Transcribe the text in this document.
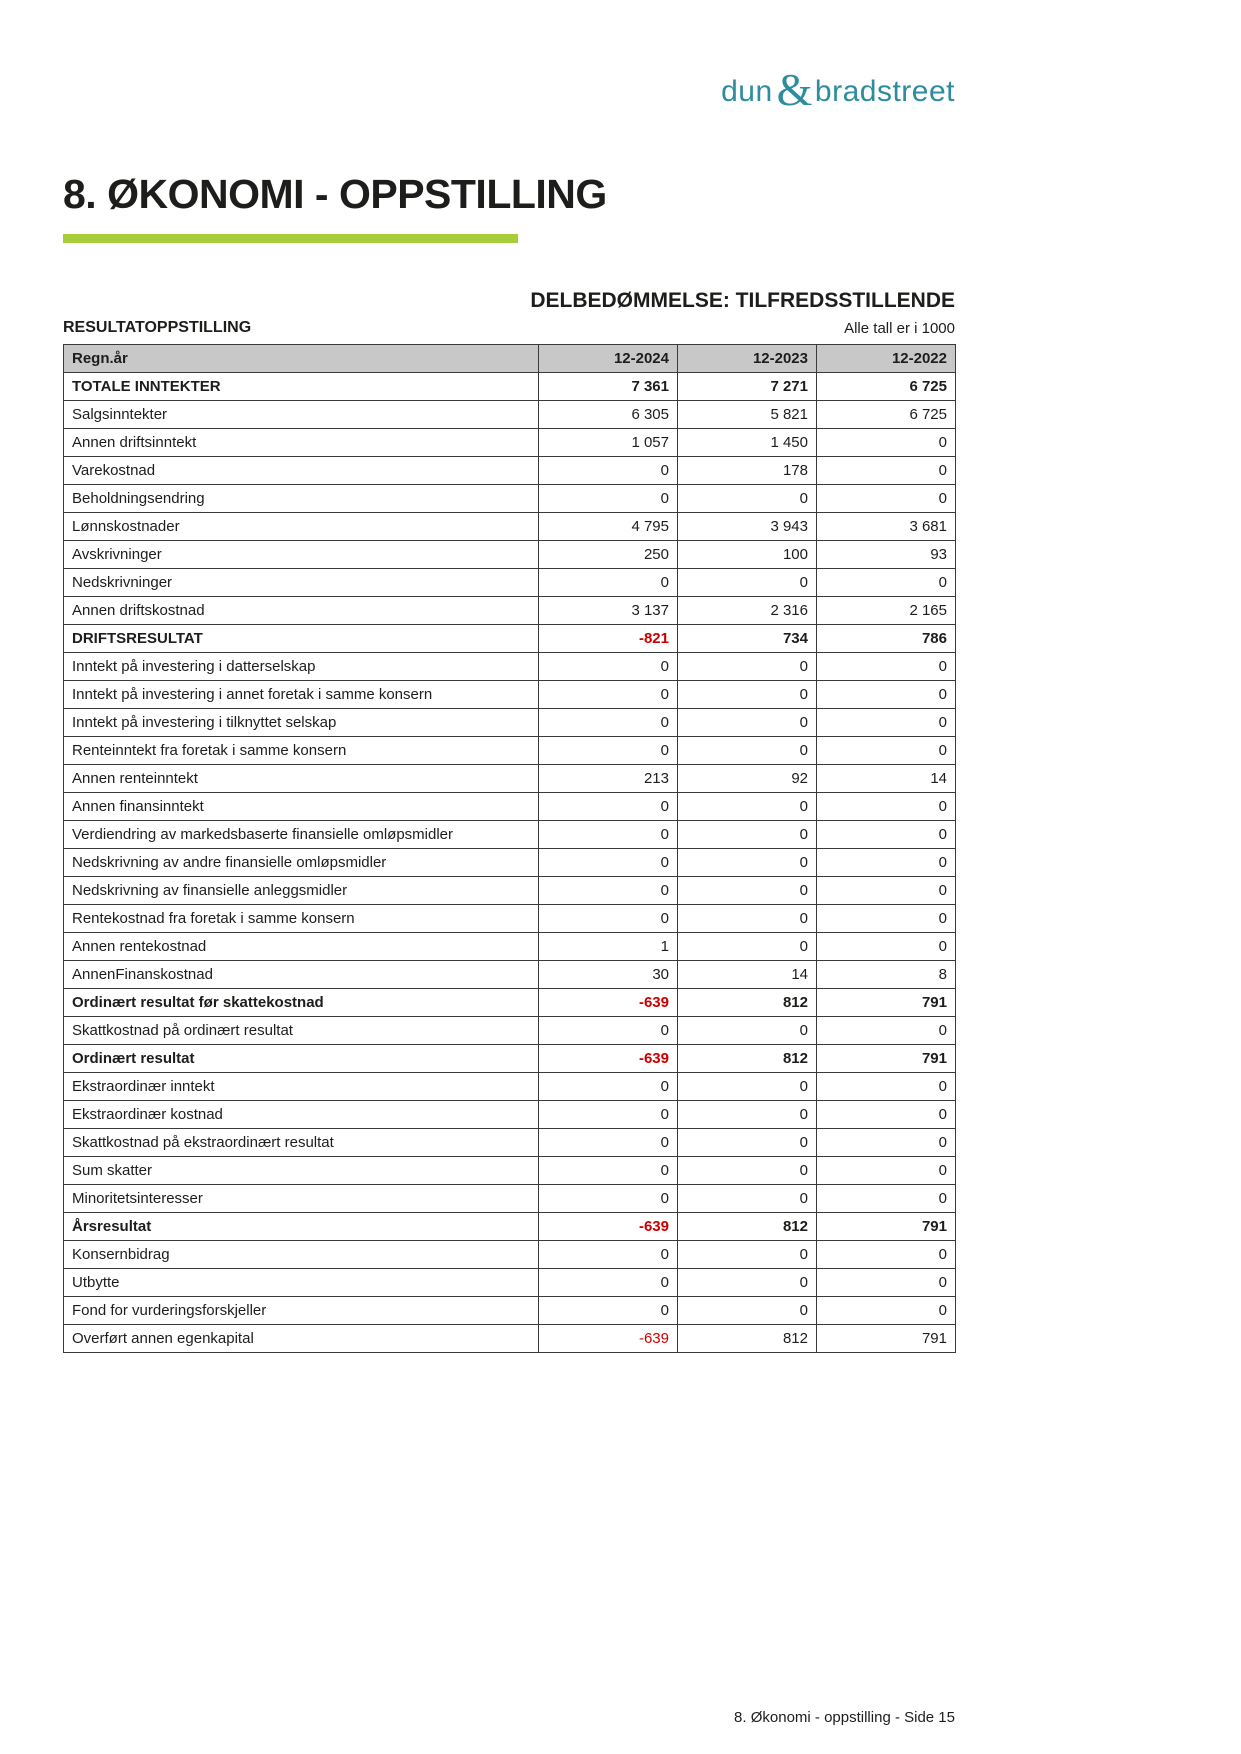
dun & bradstreet
8. ØKONOMI - OPPSTILLING
DELBEDØMMELSE: TILFREDSSTILLENDE
RESULTATOPPSTILLING	Alle tall er i 1000
Regn.år	12-2024	12-2023	12-2022
TOTALE INNTEKTER	7 361	7 271	6 725
Salgsinntekter	6 305	5 821	6 725
Annen driftsinntekt	1 057	1 450	0
Varekostnad	0	178	0
Beholdningsendring	0	0	0
Lønnskostnader	4 795	3 943	3 681
Avskrivninger	250	100	93
Nedskrivninger	0	0	0
Annen driftskostnad	3 137	2 316	2 165
DRIFTSRESULTAT	-821	734	786
Inntekt på investering i datterselskap	0	0	0
Inntekt på investering i annet foretak i samme konsern	0	0	0
Inntekt på investering i tilknyttet selskap	0	0	0
Renteinntekt fra foretak i samme konsern	0	0	0
Annen renteinntekt	213	92	14
Annen finansinntekt	0	0	0
Verdiendring av markedsbaserte finansielle omløpsmidler	0	0	0
Nedskrivning av andre finansielle omløpsmidler	0	0	0
Nedskrivning av finansielle anleggsmidler	0	0	0
Rentekostnad fra foretak i samme konsern	0	0	0
Annen rentekostnad	1	0	0
AnnenFinanskostnad	30	14	8
Ordinært resultat før skattekostnad	-639	812	791
Skattkostnad på ordinært resultat	0	0	0
Ordinært resultat	-639	812	791
Ekstraordinær inntekt	0	0	0
Ekstraordinær kostnad	0	0	0
Skattkostnad på ekstraordinært resultat	0	0	0
Sum skatter	0	0	0
Minoritetsinteresser	0	0	0
Årsresultat	-639	812	791
Konsernbidrag	0	0	0
Utbytte	0	0	0
Fond for vurderingsforskjeller	0	0	0
Overført annen egenkapital	-639	812	791
8. Økonomi - oppstilling - Side 15
